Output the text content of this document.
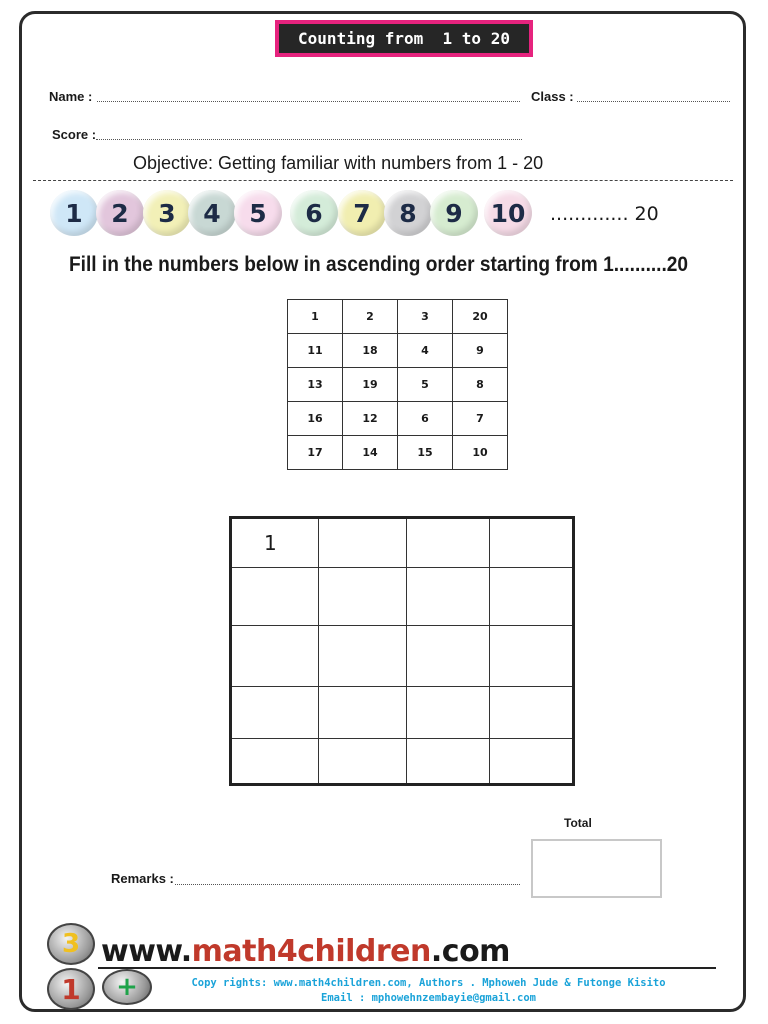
Counting from  1 to 20
Name :	Class :
Score :
Objective: Getting familiar with numbers from 1 - 20
1	2	3	4	5	6	7	8	9	10	............. 20
Fill in the numbers below in ascending order starting from 1..........20
1	2	3	20
11	18	4	9
13	19	5	8
16	12	6	7
17	14	15	10
1			

Total
Remarks :
3
1	+
www.math4children.com
Copy rights: www.math4children.com, Authors . Mphoweh Jude & Futonge Kisito
Email : mphowehnzembayie@gmail.com
